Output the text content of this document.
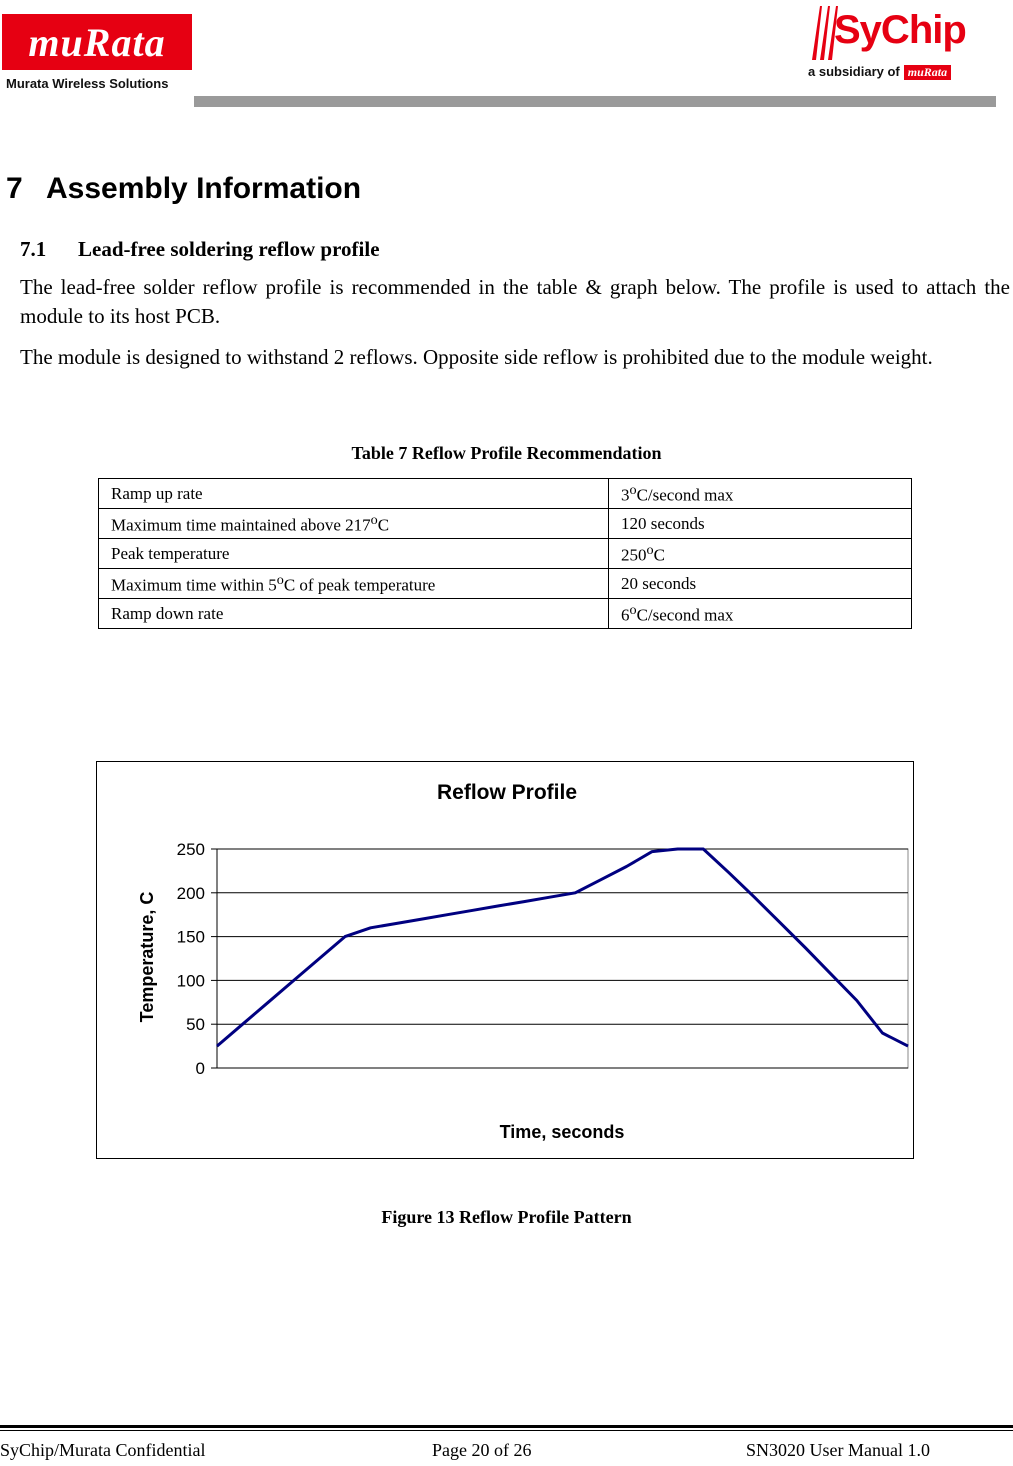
muRata
Murata Wireless Solutions
SyChip
a subsidiary of muRata
7 Assembly Information
7.1 Lead-free soldering reflow profile
The lead-free solder reflow profile is recommended in the table & graph below. The profile is used to attach the module to its host PCB.
The module is designed to withstand 2 reflows. Opposite side reflow is prohibited due to the module weight.
Table 7 Reflow Profile Recommendation
Ramp up rate	3$^o$C/second max
Maximum time maintained above 217$^o$C	120 seconds
Peak temperature	250$^o$C
Maximum time within 5$^o$C of peak temperature	20 seconds
Ramp down rate	6$^o$C/second max
Reflow Profile
0
50
100
150
200
250
Time, seconds
Temperature, C
Figure 13 Reflow Profile Pattern
SyChip/Murata Confidential	Page 20 of 26	SN3020 User Manual 1.0
